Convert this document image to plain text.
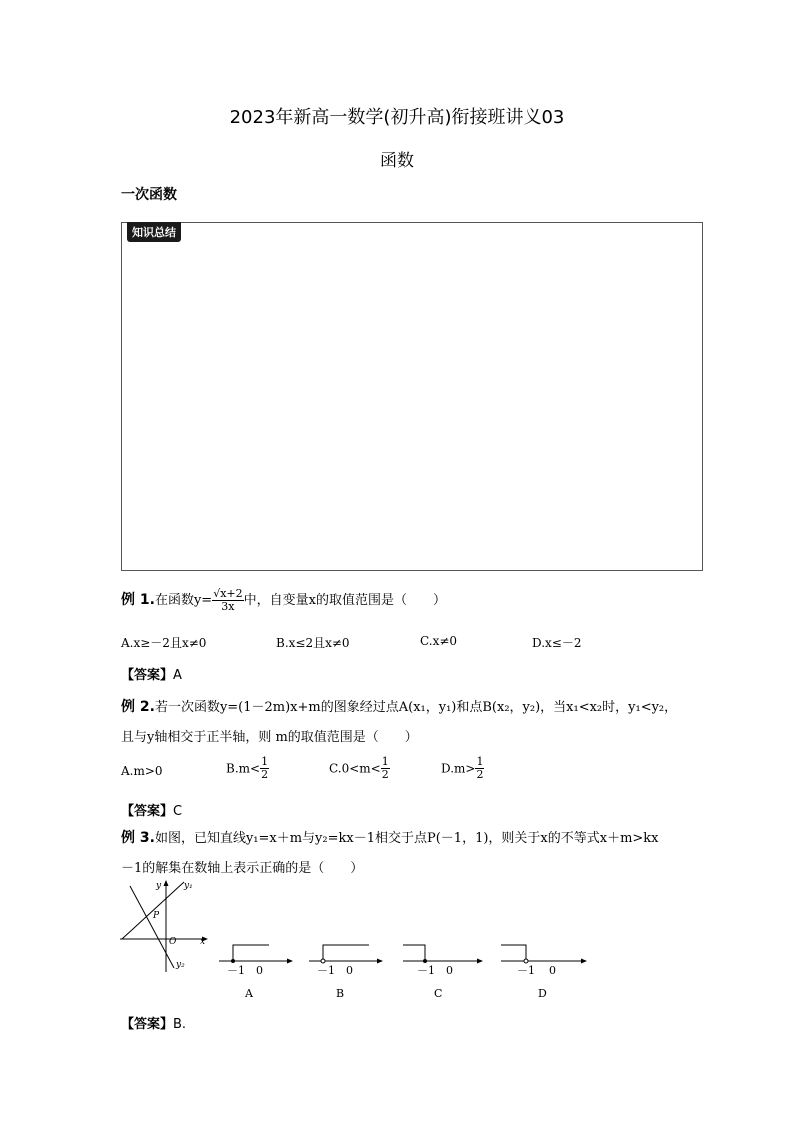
2023年新高一数学(初升高)衔接班讲义03
函数
一次函数
知识总结
例 1.在函数$y= \frac{√x+2}{3x}$ 中，自变量x的取值范围是（　　）
A.x≥－2且x≠0	B.x≤2且x≠0	C.x≠0	D.x≤－2
【答案】A
例 2.若一次函数y=(1－2m)x+m的图象经过点A(x₁，y₁)和点B(x₂，y₂)，当x₁<x₂时，y₁<y₂，
且与y轴相交于正半轴，则 m的取值范围是（　　）
A.m>0	$B.m< \frac{1}{2}$	$C.0<m< \frac{1}{2}$	$D.m> \frac{1}{2}$
【答案】C
例 3.如图，已知直线y₁=x＋m与y₂=kx－1相交于点P(－1，1)，则关于x的不等式x＋m>kx
－1的解集在数轴上表示正确的是（　　）
y	y₁
y₂
P
O	x
－1 0
A
－1 0
B
－1 0
C
－1 0
D
【答案】B.
